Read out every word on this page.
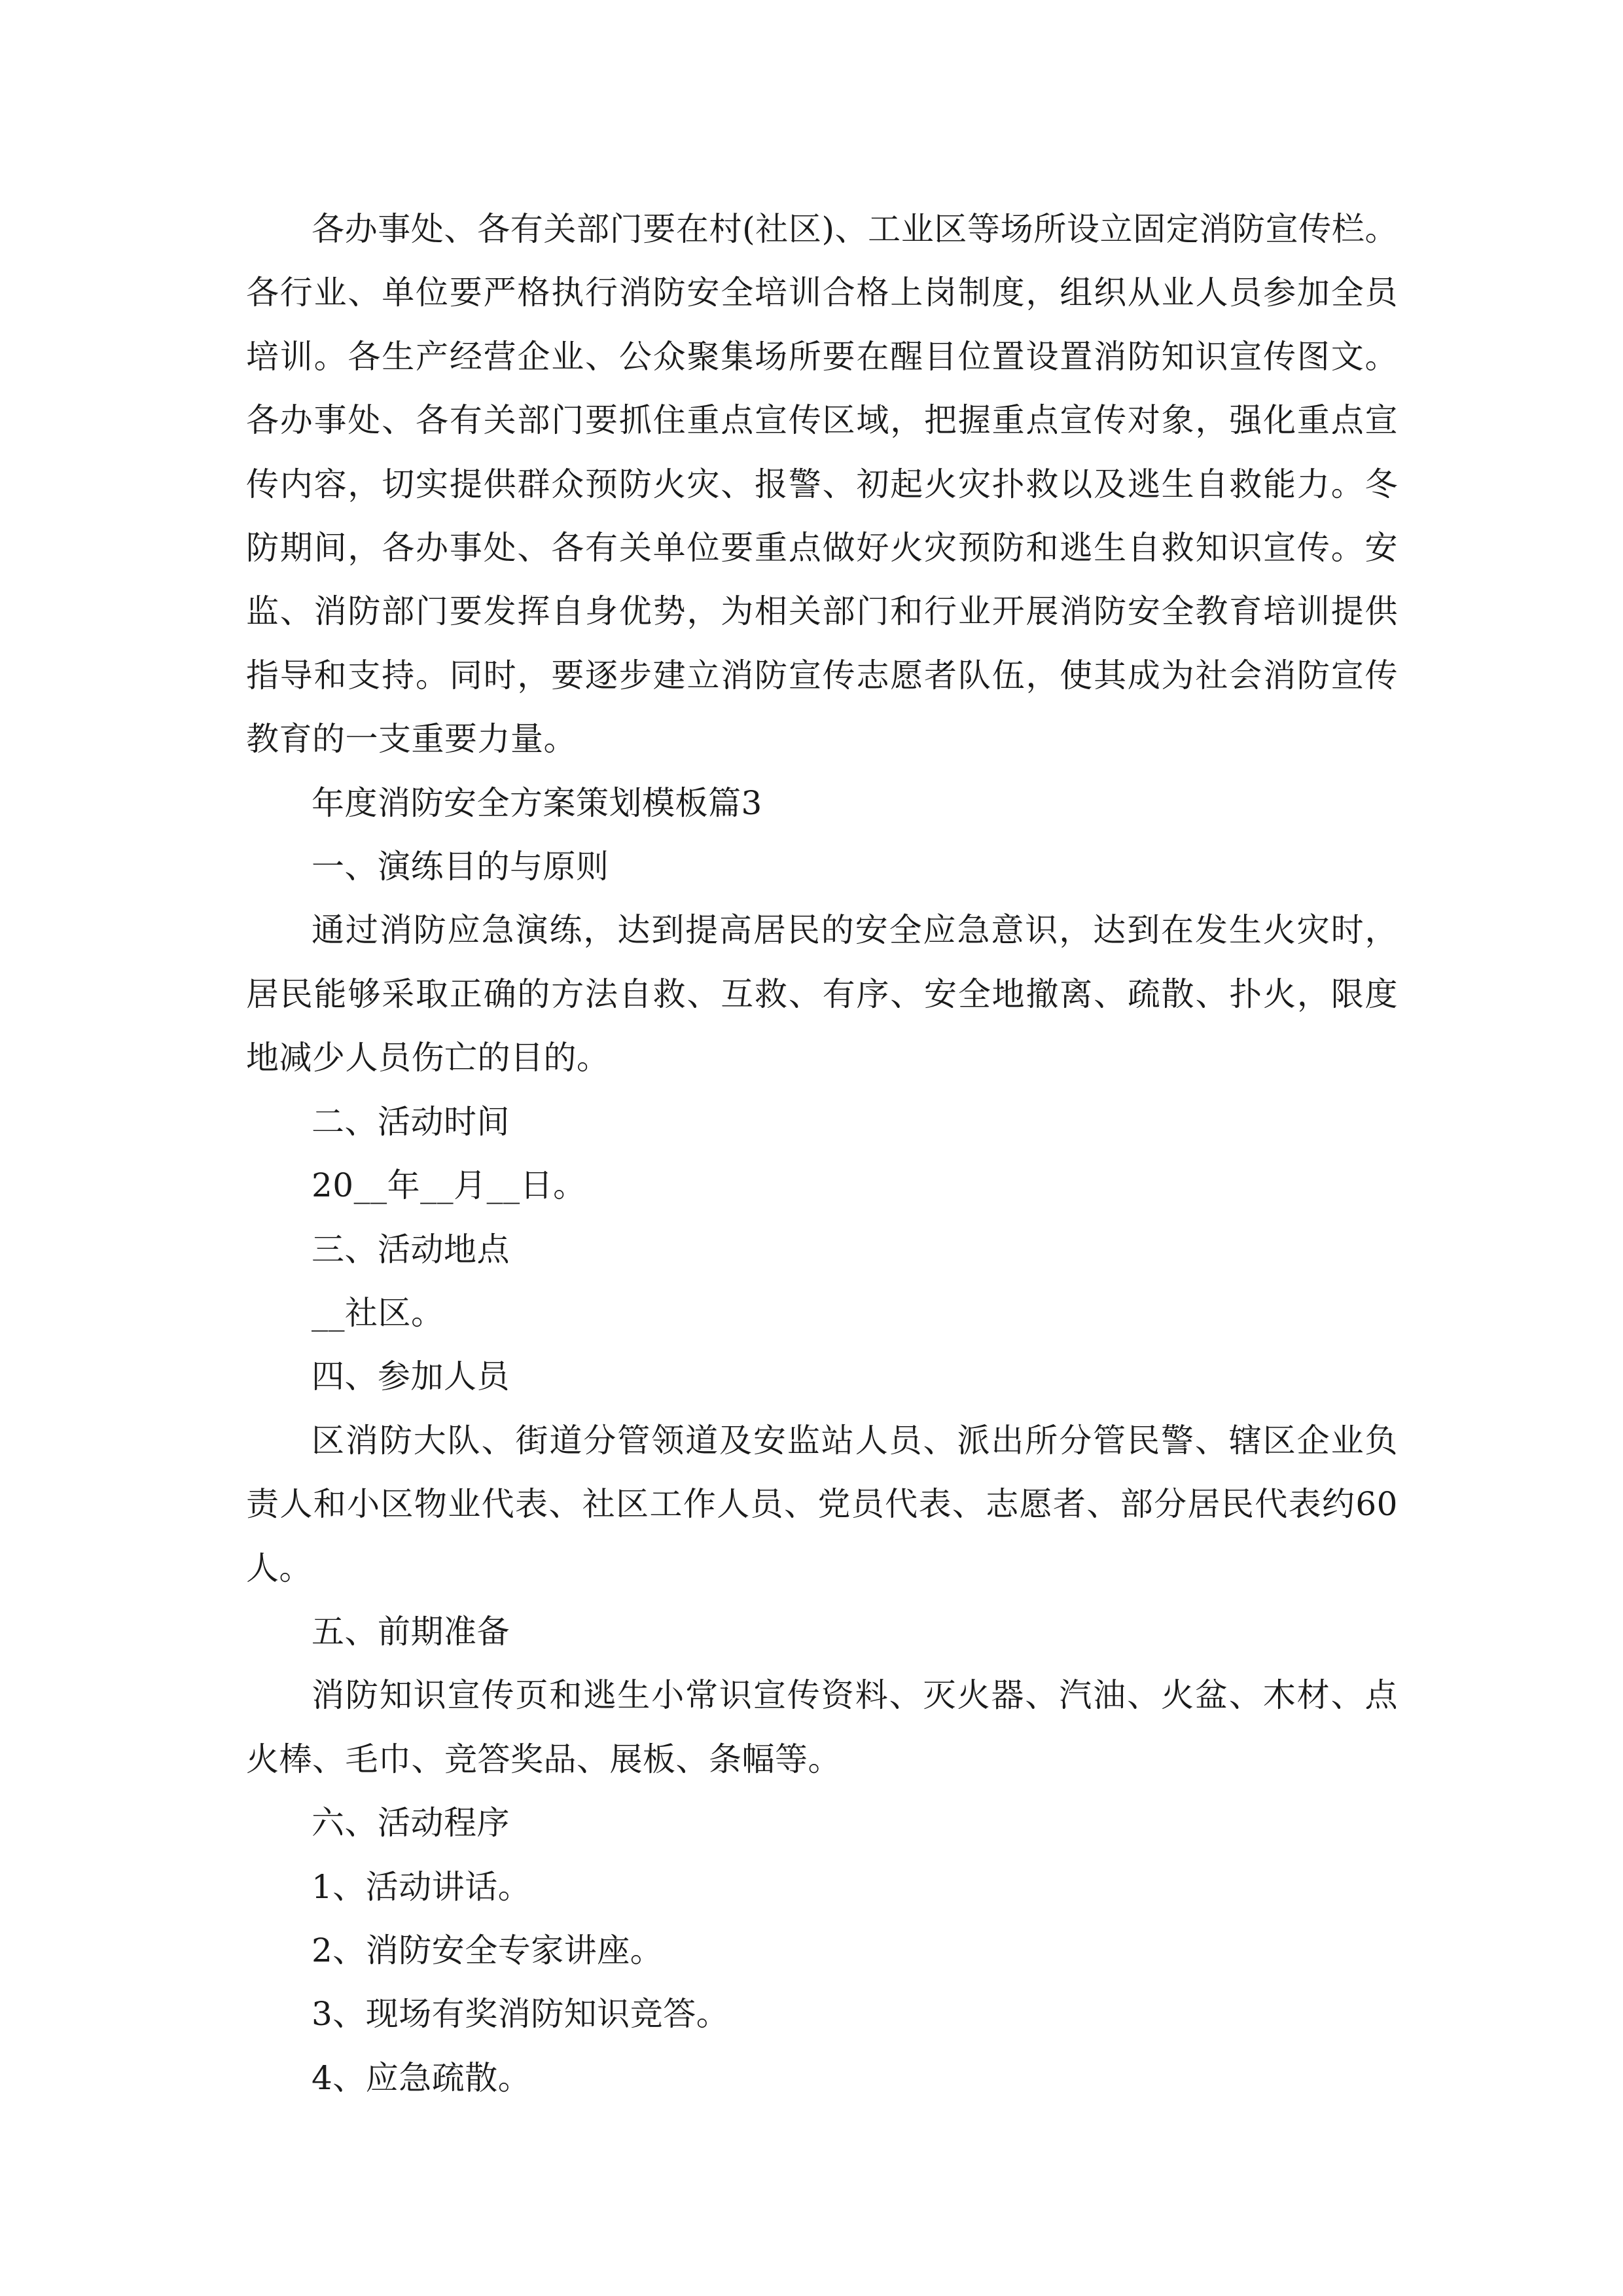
各办事处、各有关部门要在村(社区)、工业区等场所设立固定消防宣传栏。各行业、单位要严格执行消防安全培训合格上岗制度，组织从业人员参加全员培训。各生产经营企业、公众聚集场所要在醒目位置设置消防知识宣传图文。各办事处、各有关部门要抓住重点宣传区域，把握重点宣传对象，强化重点宣传内容，切实提供群众预防火灾、报警、初起火灾扑救以及逃生自救能力。冬防期间，各办事处、各有关单位要重点做好火灾预防和逃生自救知识宣传。安监、消防部门要发挥自身优势，为相关部门和行业开展消防安全教育培训提供指导和支持。同时，要逐步建立消防宣传志愿者队伍，使其成为社会消防宣传教育的一支重要力量。

年度消防安全方案策划模板篇3

一、演练目的与原则

通过消防应急演练，达到提高居民的安全应急意识，达到在发生火灾时，居民能够采取正确的方法自救、互救、有序、安全地撤离、疏散、扑火，限度地减少人员伤亡的目的。

二、活动时间

20__年__月__日。

三、活动地点

__社区。

四、参加人员

区消防大队、街道分管领道及安监站人员、派出所分管民警、辖区企业负责人和小区物业代表、社区工作人员、党员代表、志愿者、部分居民代表约60人。

五、前期准备

消防知识宣传页和逃生小常识宣传资料、灭火器、汽油、火盆、木材、点火棒、毛巾、竞答奖品、展板、条幅等。

六、活动程序

1、活动讲话。

2、消防安全专家讲座。

3、现场有奖消防知识竞答。

4、应急疏散。
